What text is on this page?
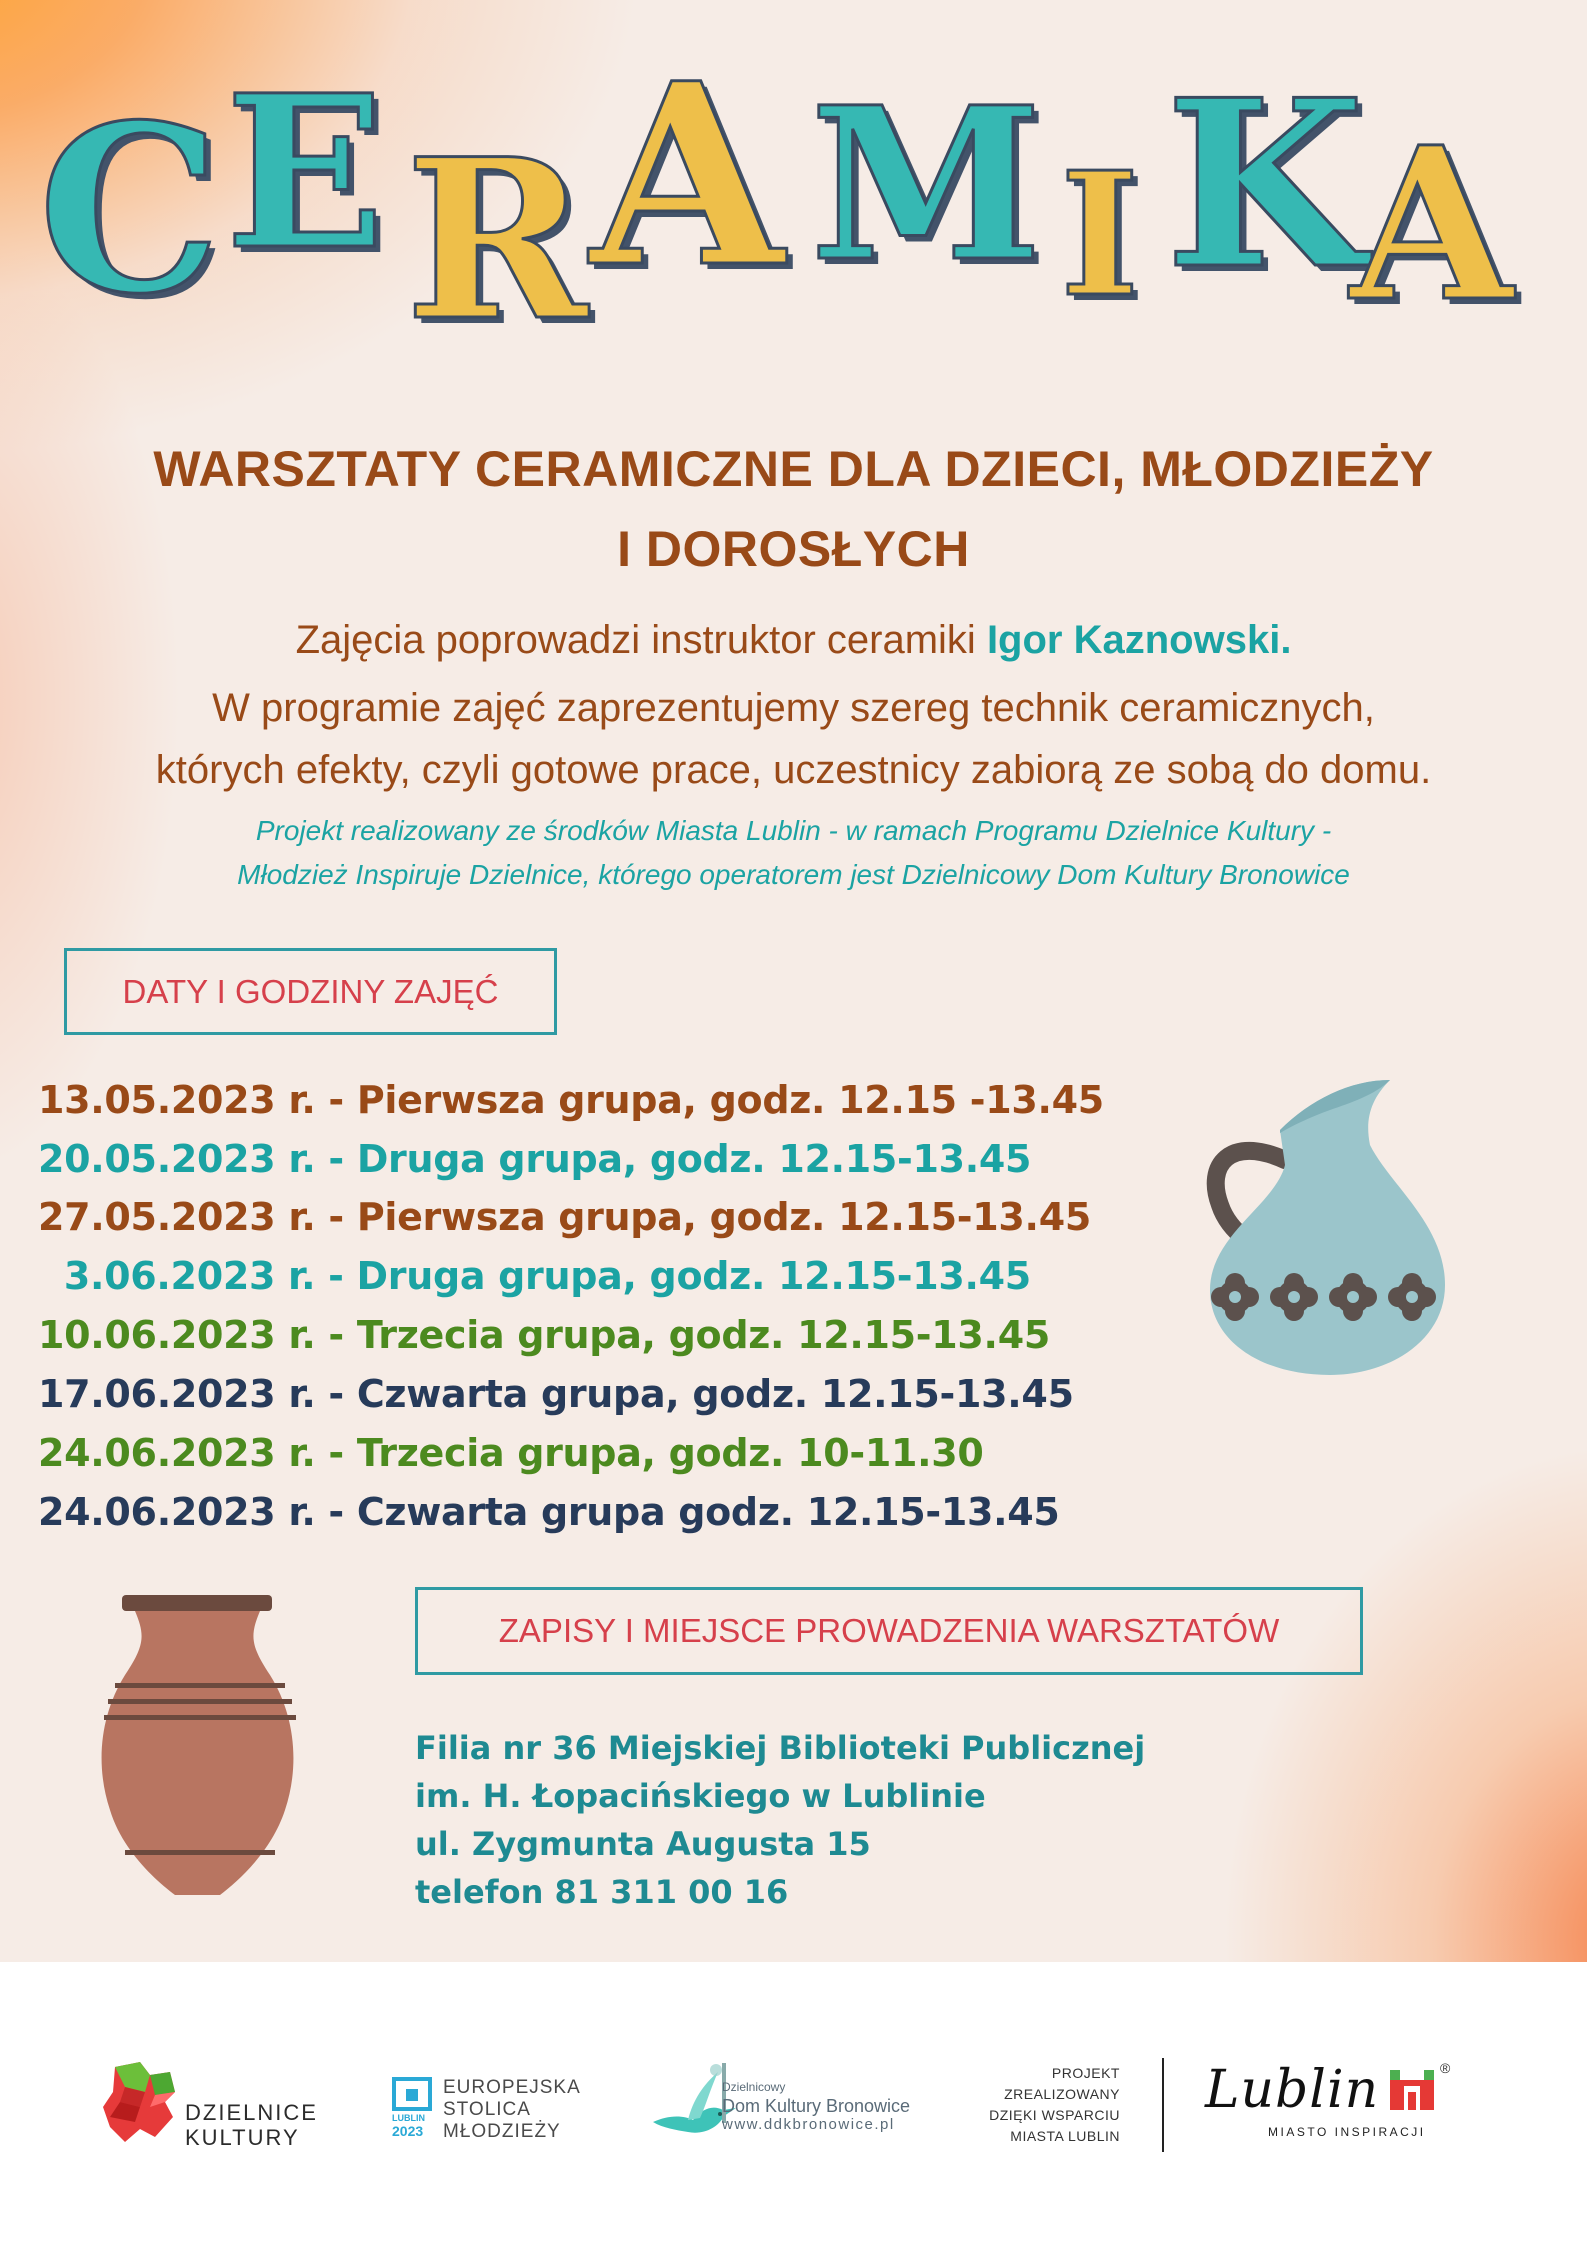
C E R A M I K
A
WARSZTATY CERAMICZNE DLA DZIECI, MŁODZIEŻY
I DOROSŁYCH
Zajęcia poprowadzi instruktor ceramiki Igor Kaznowski.
W programie zajęć zaprezentujemy szereg technik ceramicznych,
których efekty, czyli gotowe prace, uczestnicy zabiorą ze sobą do domu.
Projekt realizowany ze środków Miasta Lublin - w ramach Programu Dzielnice Kultury -
Młodzież Inspiruje Dzielnice, którego operatorem jest Dzielnicowy Dom Kultury Bronowice
DATY I GODZINY ZAJĘĆ
13.05.2023 r. - Pierwsza grupa, godz. 12.15 -13.45
20.05.2023 r. - Druga grupa, godz. 12.15-13.45
27.05.2023 r. - Pierwsza grupa, godz. 12.15-13.45
3.06.2023 r. - Druga grupa, godz. 12.15-13.45
10.06.2023 r. - Trzecia grupa, godz. 12.15-13.45
17.06.2023 r. - Czwarta grupa, godz. 12.15-13.45
24.06.2023 r. - Trzecia grupa, godz. 10-11.30
24.06.2023 r. - Czwarta grupa godz. 12.15-13.45
ZAPISY I MIEJSCE PROWADZENIA WARSZTATÓW
Filia nr 36 Miejskiej Biblioteki Publicznej
im. H. Łopacińskiego w Lublinie
ul. Zygmunta Augusta 15
telefon 81 311 00 16
DZIELNICE
KULTURY
LUBLIN
2023
EUROPEJSKA
STOLICA
MŁODZIEŻY
Dzielnicowy
Dom Kultury Bronowice
www.ddkbronowice.pl
PROJEKT
ZREALIZOWANY
DZIĘKI WSPARCIU
MIASTA LUBLIN
Lublin	®
MIASTO INSPIRACJI
